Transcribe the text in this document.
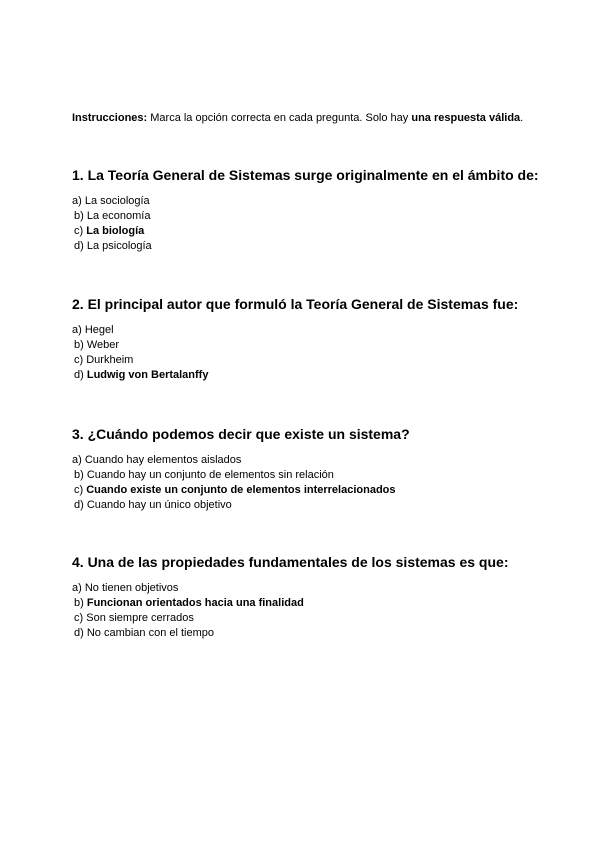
Instrucciones: Marca la opción correcta en cada pregunta. Solo hay una respuesta válida.
1. La Teoría General de Sistemas surge originalmente en el ámbito de:
a) La sociología
b) La economía
c) La biología
d) La psicología
2. El principal autor que formuló la Teoría General de Sistemas fue:
a) Hegel
b) Weber
c) Durkheim
d) Ludwig von Bertalanffy
3. ¿Cuándo podemos decir que existe un sistema?
a) Cuando hay elementos aislados
b) Cuando hay un conjunto de elementos sin relación
c) Cuando existe un conjunto de elementos interrelacionados
d) Cuando hay un único objetivo
4. Una de las propiedades fundamentales de los sistemas es que:
a) No tienen objetivos
b) Funcionan orientados hacia una finalidad
c) Son siempre cerrados
d) No cambian con el tiempo
